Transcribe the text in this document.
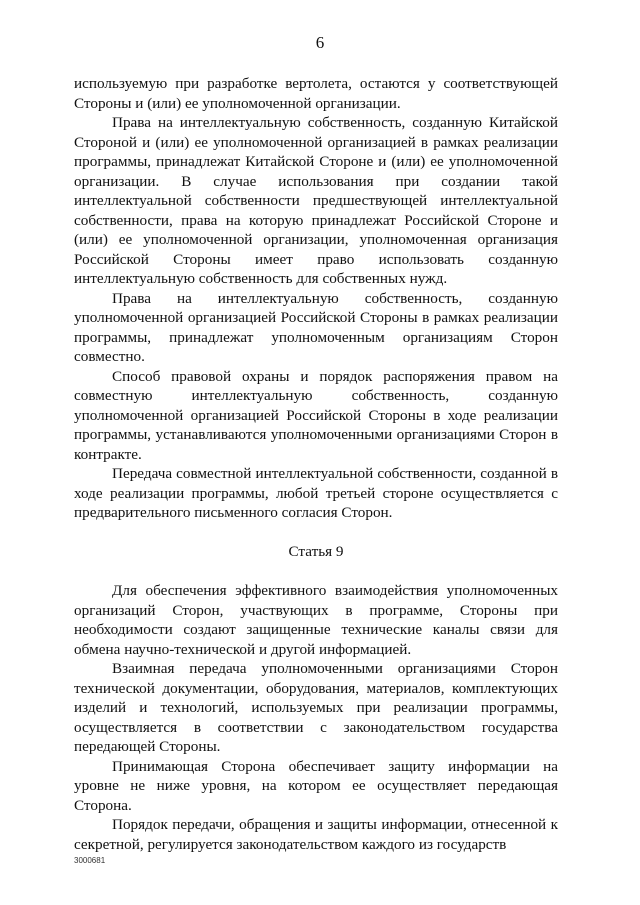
6

используемую при разработке вертолета, остаются у соответствующей Стороны и (или) ее уполномоченной организации.

Права на интеллектуальную собственность, созданную Китайской Стороной и (или) ее уполномоченной организацией в рамках реализации программы, принадлежат Китайской Стороне и (или) ее уполномоченной организации. В случае использования при создании такой интеллектуальной собственности предшествующей интеллектуальной собственности, права на которую принадлежат Российской Стороне и (или) ее уполномоченной организации, уполномоченная организация Российской Стороны имеет право использовать созданную интеллектуальную собственность для собственных нужд.

Права на интеллектуальную собственность, созданную уполномоченной организацией Российской Стороны в рамках реализации программы, принадлежат уполномоченным организациям Сторон совместно.

Способ правовой охраны и порядок распоряжения правом на совместную интеллектуальную собственность, созданную уполномоченной организацией Российской Стороны в ходе реализации программы, устанавливаются уполномоченными организациями Сторон в контракте.

Передача совместной интеллектуальной собственности, созданной в ходе реализации программы, любой третьей стороне осуществляется с предварительного письменного согласия Сторон.

Статья 9

Для обеспечения эффективного взаимодействия уполномоченных организаций Сторон, участвующих в программе, Стороны при необходимости создают защищенные технические каналы связи для обмена научно-технической и другой информацией.

Взаимная передача уполномоченными организациями Сторон технической документации, оборудования, материалов, комплектующих изделий и технологий, используемых при реализации программы, осуществляется в соответствии с законодательством государства передающей Стороны.

Принимающая Сторона обеспечивает защиту информации на уровне не ниже уровня, на котором ее осуществляет передающая Сторона.

Порядок передачи, обращения и защиты информации, отнесенной к секретной, регулируется законодательством каждого из государств

3000681
